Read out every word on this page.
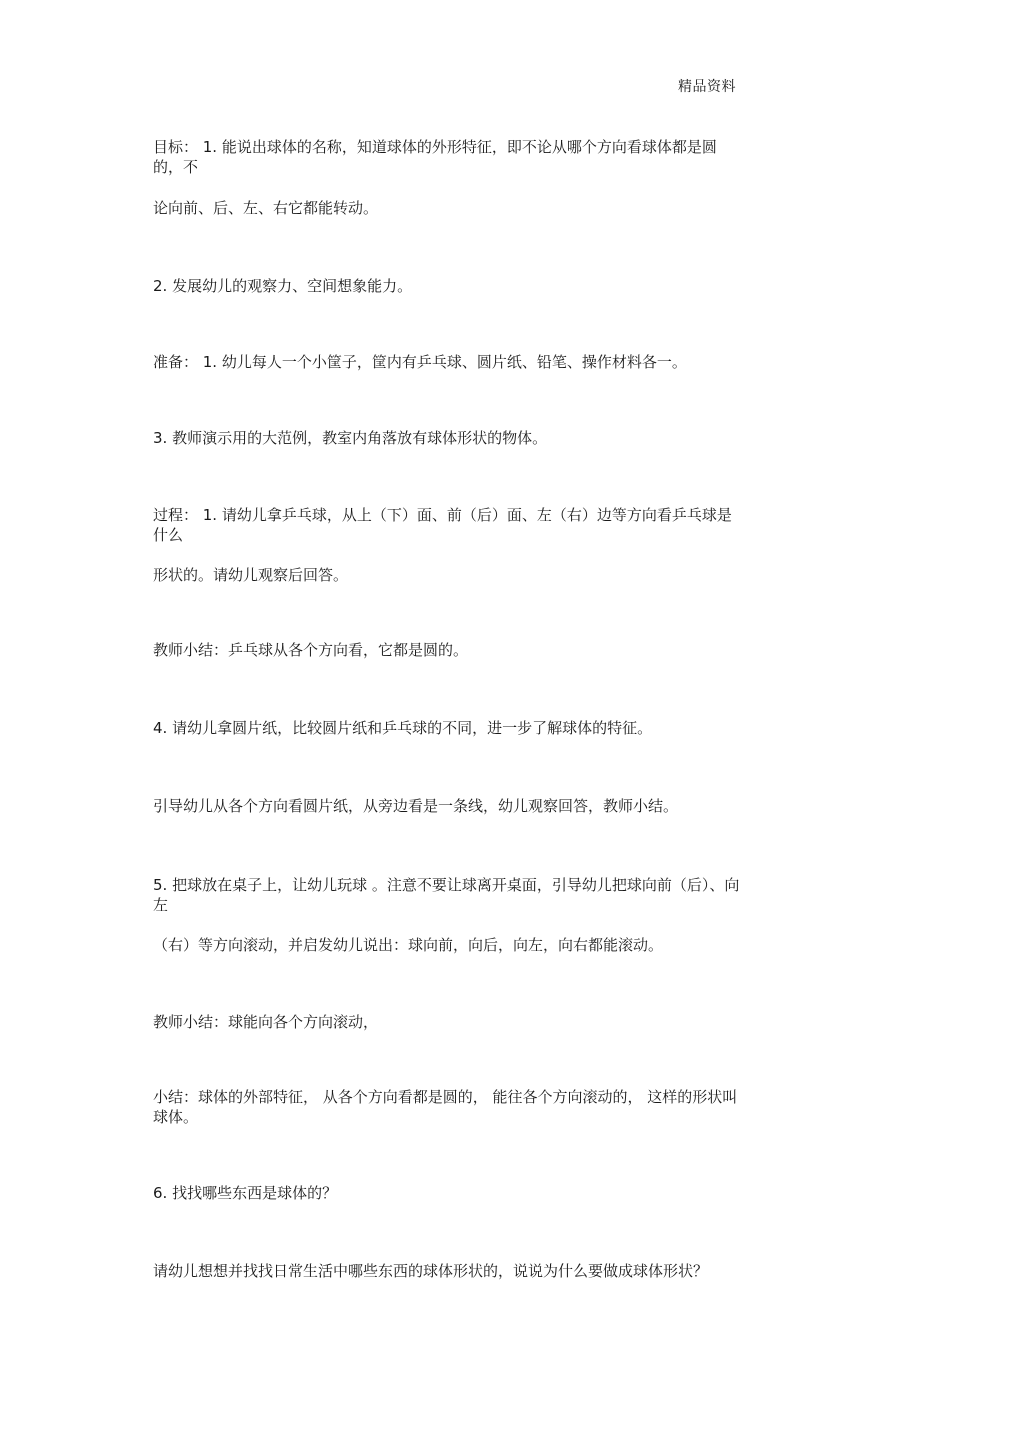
精品资料
目标： 1. 能说出球体的名称，知道球体的外形特征，即不论从哪个方向看球体都是圆的，不
论向前、后、左、右它都能转动。
2. 发展幼儿的观察力、空间想象能力。
准备： 1. 幼儿每人一个小筐子，筐内有乒乓球、圆片纸、铅笔、操作材料各一。
3. 教师演示用的大范例，教室内角落放有球体形状的物体。
过程： 1. 请幼儿拿乒乓球，从上（下）面、前（后）面、左（右）边等方向看乒乓球是什么
形状的。请幼儿观察后回答。
教师小结：乒乓球从各个方向看，它都是圆的。
4. 请幼儿拿圆片纸，比较圆片纸和乒乓球的不同，进一步了解球体的特征。
引导幼儿从各个方向看圆片纸，从旁边看是一条线，幼儿观察回答，教师小结。
5. 把球放在桌子上，让幼儿玩球 。注意不要让球离开桌面，引导幼儿把球向前（后）、向左
（右）等方向滚动，并启发幼儿说出：球向前，向后，向左，向右都能滚动。
教师小结：球能向各个方向滚动，
小结：球体的外部特征， 从各个方向看都是圆的， 能往各个方向滚动的， 这样的形状叫球体。
6. 找找哪些东西是球体的？
请幼儿想想并找找日常生活中哪些东西的球体形状的，说说为什么要做成球体形状？
